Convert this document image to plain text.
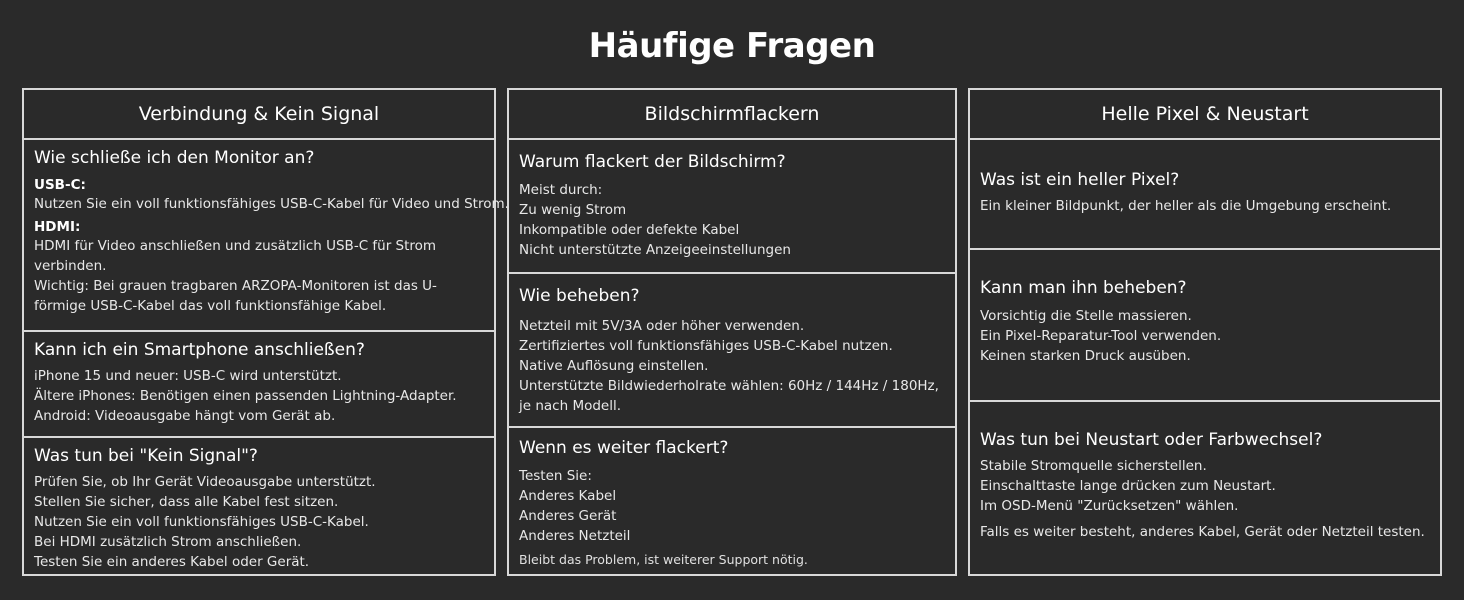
Häufige Fragen
Verbindung & Kein Signal

Wie schließe ich den Monitor an?

USB-C:

Nutzen Sie ein voll funktionsfähiges USB-C-Kabel für Video und Strom.

HDMI:

HDMI für Video anschließen und zusätzlich USB-C für Strom

verbinden.

Wichtig: Bei grauen tragbaren ARZOPA-Monitoren ist das U-

förmige USB-C-Kabel das voll funktionsfähige Kabel.

Kann ich ein Smartphone anschließen?

iPhone 15 und neuer: USB-C wird unterstützt.

Ältere iPhones: Benötigen einen passenden Lightning-Adapter.

Android: Videoausgabe hängt vom Gerät ab.

Was tun bei "Kein Signal"?

Prüfen Sie, ob Ihr Gerät Videoausgabe unterstützt.

Stellen Sie sicher, dass alle Kabel fest sitzen.

Nutzen Sie ein voll funktionsfähiges USB-C-Kabel.

Bei HDMI zusätzlich Strom anschließen.

Testen Sie ein anderes Kabel oder Gerät.

Bildschirmflackern

Warum flackert der Bildschirm?

Meist durch:

Zu wenig Strom

Inkompatible oder defekte Kabel

Nicht unterstützte Anzeigeeinstellungen

Wie beheben?

Netzteil mit 5V/3A oder höher verwenden.

Zertifiziertes voll funktionsfähiges USB-C-Kabel nutzen.

Native Auflösung einstellen.

Unterstützte Bildwiederholrate wählen: 60Hz / 144Hz / 180Hz,

je nach Modell.

Wenn es weiter flackert?

Testen Sie:

Anderes Kabel

Anderes Gerät

Anderes Netzteil

Bleibt das Problem, ist weiterer Support nötig.

Helle Pixel & Neustart

Was ist ein heller Pixel?

Ein kleiner Bildpunkt, der heller als die Umgebung erscheint.

Kann man ihn beheben?

Vorsichtig die Stelle massieren.

Ein Pixel-Reparatur-Tool verwenden.

Keinen starken Druck ausüben.

Was tun bei Neustart oder Farbwechsel?

Stabile Stromquelle sicherstellen.

Einschalttaste lange drücken zum Neustart.

Im OSD-Menü "Zurücksetzen" wählen.

Falls es weiter besteht, anderes Kabel, Gerät oder Netzteil testen.
